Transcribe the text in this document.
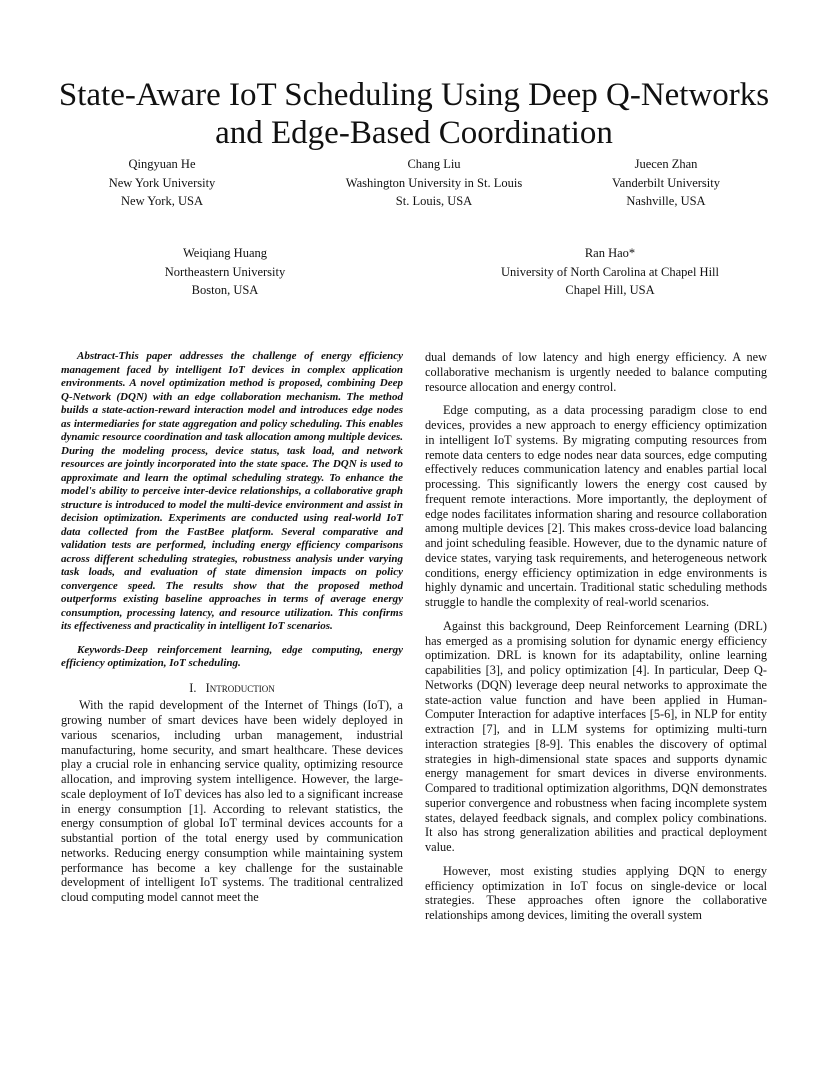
State-Aware IoT Scheduling Using Deep Q-Networks and Edge-Based Coordination
Qingyuan He
New York University
New York, USA
Chang Liu
Washington University in St. Louis
St. Louis, USA
Juecen Zhan
Vanderbilt University
Nashville, USA
Weiqiang Huang
Northeastern University
Boston, USA
Ran Hao*
University of North Carolina at Chapel Hill
Chapel Hill, USA

Abstract-This paper addresses the challenge of energy efficiency management faced by intelligent IoT devices in complex application environments. A novel optimization method is proposed, combining Deep Q-Network (DQN) with an edge collaboration mechanism. The method builds a state-action-reward interaction model and introduces edge nodes as intermediaries for state aggregation and policy scheduling. This enables dynamic resource coordination and task allocation among multiple devices. During the modeling process, device status, task load, and network resources are jointly incorporated into the state space. The DQN is used to approximate and learn the optimal scheduling strategy. To enhance the model's ability to perceive inter-device relationships, a collaborative graph structure is introduced to model the multi-device environment and assist in decision optimization. Experiments are conducted using real-world IoT data collected from the FastBee platform. Several comparative and validation tests are performed, including energy efficiency comparisons across different scheduling strategies, robustness analysis under varying task loads, and evaluation of state dimension impacts on policy convergence speed. The results show that the proposed method outperforms existing baseline approaches in terms of average energy consumption, processing latency, and resource utilization. This confirms its effectiveness and practicality in intelligent IoT scenarios.

Keywords-Deep reinforcement learning, edge computing, energy efficiency optimization, IoT scheduling.

I. Introduction

With the rapid development of the Internet of Things (IoT), a growing number of smart devices have been widely deployed in various scenarios, including urban management, industrial manufacturing, home security, and smart healthcare. These devices play a crucial role in enhancing service quality, optimizing resource allocation, and improving system intelligence. However, the large-scale deployment of IoT devices has also led to a significant increase in energy consumption [1]. According to relevant statistics, the energy consumption of global IoT terminal devices accounts for a substantial portion of the total energy used by communication networks. Reducing energy consumption while maintaining system performance has become a key challenge for the sustainable development of intelligent IoT systems. The traditional centralized cloud computing model cannot meet the

dual demands of low latency and high energy efficiency. A new collaborative mechanism is urgently needed to balance computing resource allocation and energy control.

Edge computing, as a data processing paradigm close to end devices, provides a new approach to energy efficiency optimization in intelligent IoT systems. By migrating computing resources from remote data centers to edge nodes near data sources, edge computing effectively reduces communication latency and enables partial local processing. This significantly lowers the energy cost caused by frequent remote interactions. More importantly, the deployment of edge nodes facilitates information sharing and resource collaboration among multiple devices [2]. This makes cross-device load balancing and joint scheduling feasible. However, due to the dynamic nature of device states, varying task requirements, and heterogeneous network conditions, energy efficiency optimization in edge environments is highly dynamic and uncertain. Traditional static scheduling methods struggle to handle the complexity of real-world scenarios.

Against this background, Deep Reinforcement Learning (DRL) has emerged as a promising solution for dynamic energy efficiency optimization. DRL is known for its adaptability, online learning capabilities [3], and policy optimization [4]. In particular, Deep Q-Networks (DQN) leverage deep neural networks to approximate the state-action value function and have been applied in Human-Computer Interaction for adaptive interfaces [5-6], in NLP for entity extraction [7], and in LLM systems for optimizing multi-turn interaction strategies [8-9]. This enables the discovery of optimal strategies in high-dimensional state spaces and supports dynamic energy management for smart devices in diverse environments. Compared to traditional optimization algorithms, DQN demonstrates superior convergence and robustness when facing incomplete system states, delayed feedback signals, and complex policy combinations. It also has strong generalization abilities and practical deployment value.

However, most existing studies applying DQN to energy efficiency optimization in IoT focus on single-device or local strategies. These approaches often ignore the collaborative relationships among devices, limiting the overall system
